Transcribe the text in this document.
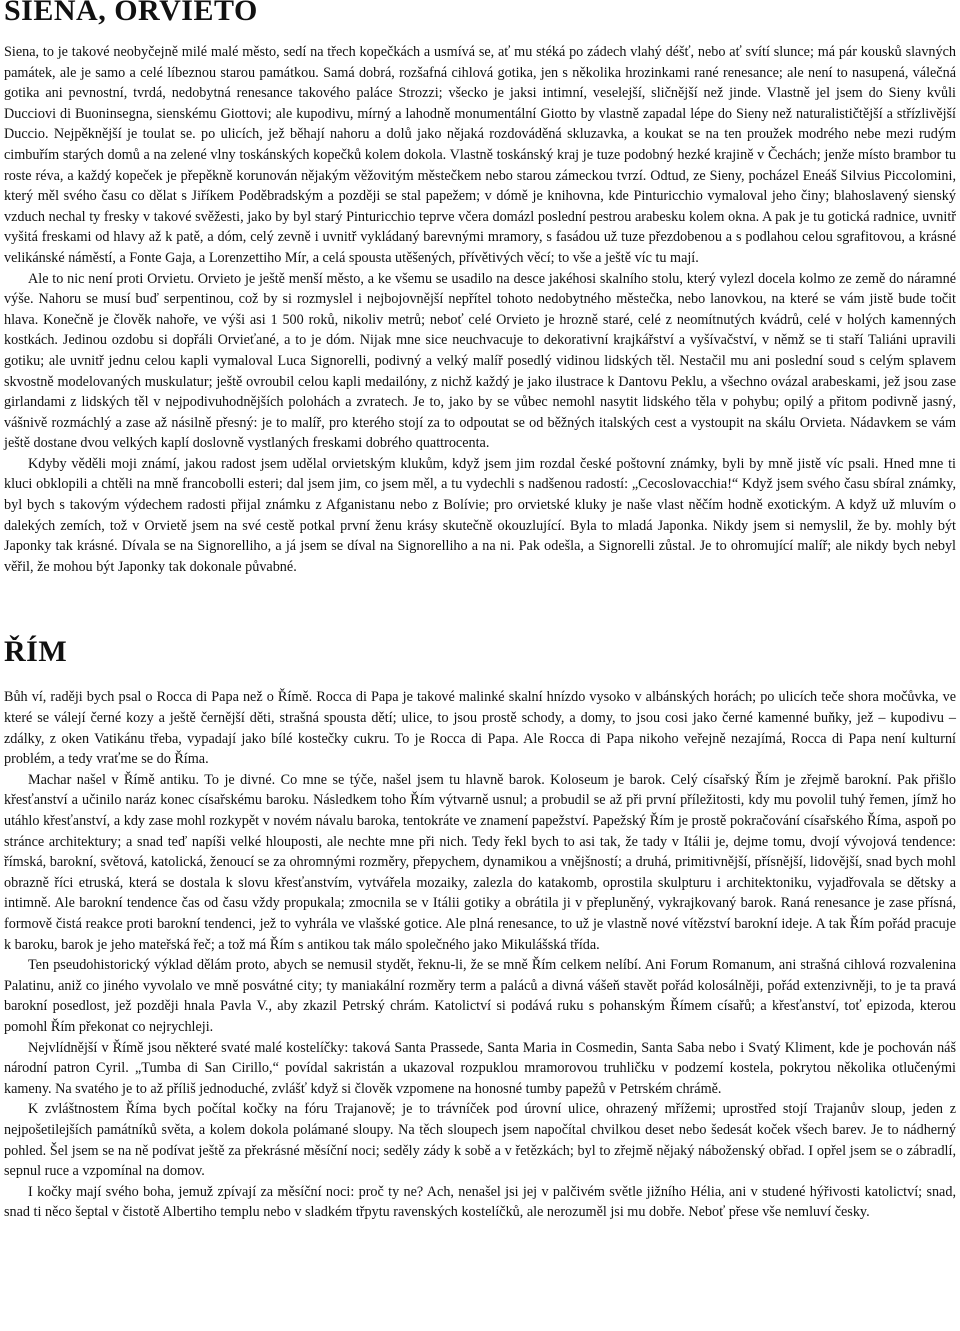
SIENA, ORVIETO

Siena, to je takové neobyčejně milé malé město, sedí na třech kopečkách a usmívá se, ať mu stéká po zádech vlahý déšť, nebo ať svítí slunce; má pár kousků slavných památek, ale je samo a celé líbeznou starou památkou. Samá dobrá, rozšafná cihlová gotika, jen s několika hrozinkami rané renesance; ale není to nasupená, válečná gotika ani pevnostní, tvrdá, nedobytná renesance takového paláce Strozzi; všecko je jaksi intimní, veselejší, sličnější než jinde. Vlastně jel jsem do Sieny kvůli Ducciovi di Buoninsegna, sienskému Giottovi; ale kupodivu, mírný a lahodně monumentální Giotto by vlastně zapadal lépe do Sieny než naturalističtější a střízlivější Duccio. Nejpěknější je toulat se. po ulicích, jež běhají nahoru a dolů jako nějaká rozdováděná skluzavka, a koukat se na ten proužek modrého nebe mezi rudým cimbuřím starých domů a na zelené vlny toskánských kopečků kolem dokola. Vlastně toskánský kraj je tuze podobný hezké krajině v Čechách; jenže místo brambor tu roste réva, a každý kopeček je přepěkně korunován nějakým věžovitým městečkem nebo starou zámeckou tvrzí. Odtud, ze Sieny, pocházel Eneáš Silvius Piccolomini, který měl svého času co dělat s Jiříkem Poděbradským a později se stal papežem; v dómě je knihovna, kde Pinturicchio vymaloval jeho činy; blahoslavený sienský vzduch nechal ty fresky v takové svěžesti, jako by byl starý Pinturicchio teprve včera domázl poslední pestrou arabesku kolem okna. A pak je tu gotická radnice, uvnitř vyšitá freskami od hlavy až k patě, a dóm, celý zevně i uvnitř vykládaný barevnými mramory, s fasádou už tuze přezdobenou a s podlahou celou sgrafitovou, a krásné velikánské náměstí, a Fonte Gaja, a Lorenzettiho Mír, a celá spousta utěšených, přívětivých věcí; to vše a ještě víc tu mají.

Ale to nic není proti Orvietu. Orvieto je ještě menší město, a ke všemu se usadilo na desce jakéhosi skalního stolu, který vylezl docela kolmo ze země do náramné výše. Nahoru se musí buď serpentinou, což by si rozmyslel i nejbojovnější nepřítel tohoto nedobytného městečka, nebo lanovkou, na které se vám jistě bude točit hlava. Konečně je člověk nahoře, ve výši asi 1 500 roků, nikoliv metrů; neboť celé Orvieto je hrozně staré, celé z neomítnutých kvádrů, celé v holých kamenných kostkách. Jedinou ozdobu si dopřáli Orvieťané, a to je dóm. Nijak mne sice neuchvacuje to dekorativní krajkářství a vyšívačství, v němž se ti staří Taliáni upravili gotiku; ale uvnitř jednu celou kapli vymaloval Luca Signorelli, podivný a velký malíř posedlý vidinou lidských těl. Nestačil mu ani poslední soud s celým splavem skvostně modelovaných muskulatur; ještě ovroubil celou kapli medailóny, z nichž každý je jako ilustrace k Dantovu Peklu, a všechno ovázal arabeskami, jež jsou zase girlandami z lidských těl v nejpodivuhodnějších polohách a zvratech. Je to, jako by se vůbec nemohl nasytit lidského těla v pohybu; opilý a přitom podivně jasný, vášnivě rozmáchlý a zase až násilně přesný: je to malíř, pro kterého stojí za to odpoutat se od běžných italských cest a vystoupit na skálu Orvieta. Nádavkem se vám ještě dostane dvou velkých kaplí doslovně vystlaných freskami dobrého quattrocenta.

Kdyby věděli moji známí, jakou radost jsem udělal orvietským klukům, když jsem jim rozdal české poštovní známky, byli by mně jistě víc psali. Hned mne ti kluci obklopili a chtěli na mně francobolli esteri; dal jsem jim, co jsem měl, a tu vydechli s nadšenou radostí: „Cecoslovacchia!“ Když jsem svého času sbíral známky, byl bych s takovým výdechem radosti přijal známku z Afganistanu nebo z Bolívie; pro orvietské kluky je naše vlast něčím hodně exotickým. A když už mluvím o dalekých zemích, tož v Orvietě jsem na své cestě potkal první ženu krásy skutečně okouzlující. Byla to mladá Japonka. Nikdy jsem si nemyslil, že by. mohly být Japonky tak krásné. Dívala se na Signorelliho, a já jsem se díval na Signorelliho a na ni. Pak odešla, a Signorelli zůstal. Je to ohromující malíř; ale nikdy bych nebyl věřil, že mohou být Japonky tak dokonale půvabné.

ŘÍM

Bůh ví, raději bych psal o Rocca di Papa než o Římě. Rocca di Papa je takové malinké skalní hnízdo vysoko v albánských horách; po ulicích teče shora močůvka, ve které se válejí černé kozy a ještě černější děti, strašná spousta dětí; ulice, to jsou prostě schody, a domy, to jsou cosi jako černé kamenné buňky, jež – kupodivu – zdálky, z oken Vatikánu třeba, vypadají jako bílé kostečky cukru. To je Rocca di Papa. Ale Rocca di Papa nikoho veřejně nezajímá, Rocca di Papa není kulturní problém, a tedy vraťme se do Říma.

Machar našel v Římě antiku. To je divné. Co mne se týče, našel jsem tu hlavně barok. Koloseum je barok. Celý císařský Řím je zřejmě barokní. Pak přišlo křesťanství a učinilo naráz konec císařskému baroku. Následkem toho Řím výtvarně usnul; a probudil se až při první příležitosti, kdy mu povolil tuhý řemen, jímž ho utáhlo křesťanství, a kdy zase mohl rozkypět v novém návalu baroka, tentokráte ve znamení papežství. Papežský Řím je prostě pokračování císařského Říma, aspoň po stránce architektury; a snad teď napíši velké hlouposti, ale nechte mne při nich. Tedy řekl bych to asi tak, že tady v Itálii je, dejme tomu, dvojí vývojová tendence: římská, barokní, světová, katolická, ženoucí se za ohromnými rozměry, přepychem, dynamikou a vnějšností; a druhá, primitivnější, přísnější, lidovější, snad bych mohl obrazně říci etruská, která se dostala k slovu křesťanstvím, vytvářela mozaiky, zalezla do katakomb, oprostila skulpturu i architektoniku, vyjadřovala se dětsky a intimně. Ale barokní tendence čas od času vždy propukala; zmocnila se v Itálii gotiky a obrátila ji v přepluněný, vykrajkovaný barok. Raná renesance je zase přísná, formově čistá reakce proti barokní tendenci, jež to vyhrála ve vlašské gotice. Ale plná renesance, to už je vlastně nové vítězství barokní ideje. A tak Řím pořád pracuje k baroku, barok je jeho mateřská řeč; a tož má Řím s antikou tak málo společného jako Mikulášská třída.

Ten pseudohistorický výklad dělám proto, abych se nemusil stydět, řeknu-li, že se mně Řím celkem nelíbí. Ani Forum Romanum, ani strašná cihlová rozvalenina Palatinu, aniž co jiného vyvolalo ve mně posvátné city; ty maniakální rozměry term a paláců a divná vášeň stavět pořád kolosálněji, pořád extenzivněji, to je ta pravá barokní posedlost, jež později hnala Pavla V., aby zkazil Petrský chrám. Katolictví si podává ruku s pohanským Římem císařů; a křesťanství, toť epizoda, kterou pomohl Řím překonat co nejrychleji.

Nejvlídnější v Římě jsou některé svaté malé kostelíčky: taková Santa Prassede, Santa Maria in Cosmedin, Santa Saba nebo i Svatý Kliment, kde je pochován náš národní patron Cyril. „Tumba di San Cirillo,“ povídal sakristán a ukazoval rozpuklou mramorovou truhličku v podzemí kostela, pokrytou několika otlučenými kameny. Na svatého je to až příliš jednoduché, zvlášť když si člověk vzpomene na honosné tumby papežů v Petrském chrámě.

K zvláštnostem Říma bych počítal kočky na fóru Trajanově; je to trávníček pod úrovní ulice, ohrazený mřížemi; uprostřed stojí Trajanův sloup, jeden z nejpošetilejších památníků světa, a kolem dokola polámané sloupy. Na těch sloupech jsem napočítal chvilkou deset nebo šedesát koček všech barev. Je to nádherný pohled. Šel jsem se na ně podívat ještě za překrásné měsíční noci; seděly zády k sobě a v řetězkách; byl to zřejmě nějaký náboženský obřad. I opřel jsem se o zábradlí, sepnul ruce a vzpomínal na domov.

I kočky mají svého boha, jemuž zpívají za měsíční noci: proč ty ne? Ach, nenašel jsi jej v palčivém světle jižního Hélia, ani v studené hýřivosti katolictví; snad, snad ti něco šeptal v čistotě Albertiho templu nebo v sladkém třpytu ravenských kostelíčků, ale nerozuměl jsi mu dobře. Neboť přese vše nemluví česky.
